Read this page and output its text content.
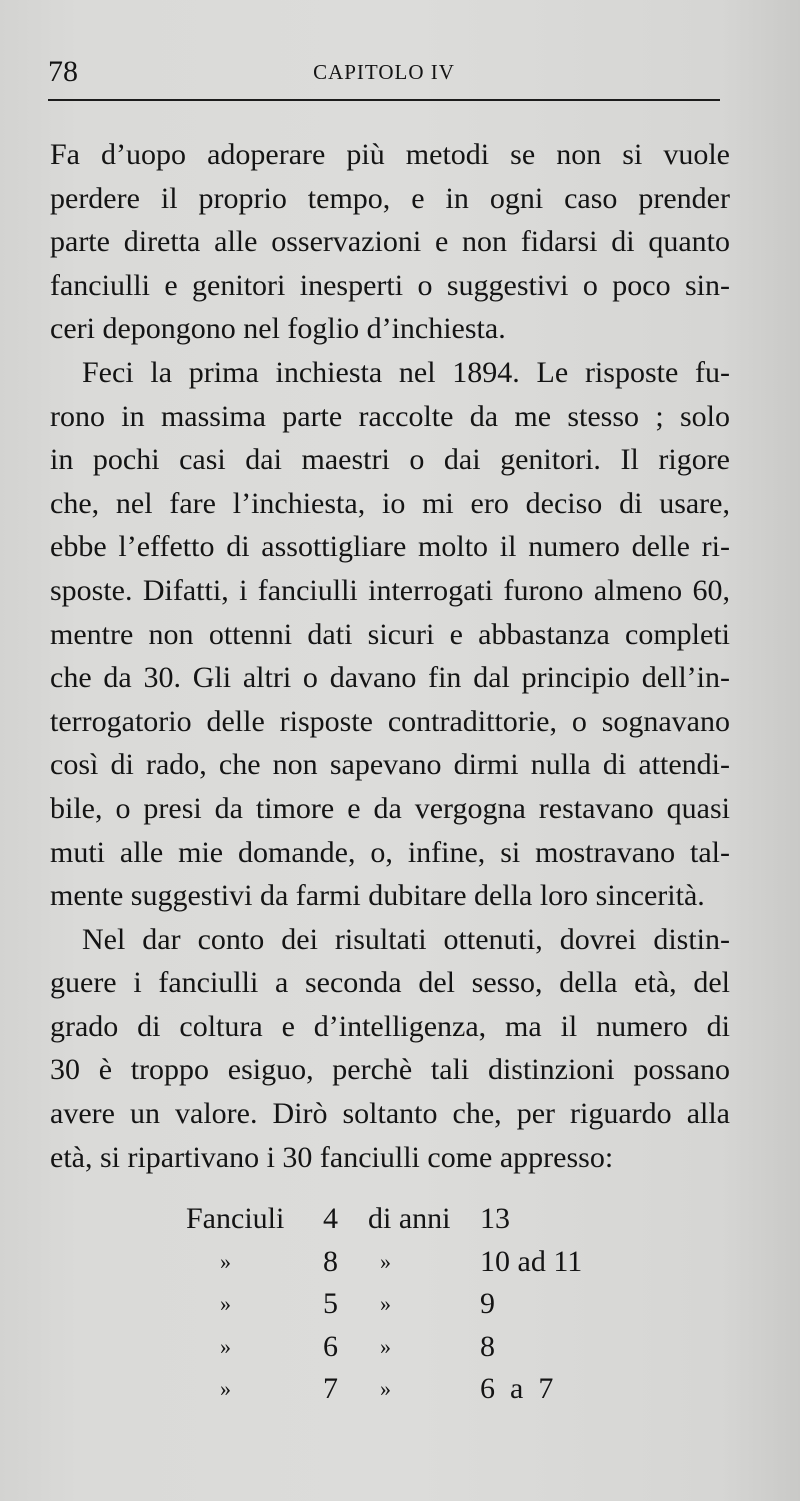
78	CAPITOLO IV
Fa d’uopo adoperare più metodi se non si vuole
perdere il proprio tempo, e in ogni caso prender
parte diretta alle osservazioni e non fidarsi di quanto
fanciulli e genitori inesperti o suggestivi o poco sin-
ceri depongono nel foglio d’inchiesta.
Feci la prima inchiesta nel 1894. Le risposte fu-
rono in massima parte raccolte da me stesso ; solo
in pochi casi dai maestri o dai genitori. Il rigore
che, nel fare l’inchiesta, io mi ero deciso di usare,
ebbe l’effetto di assottigliare molto il numero delle ri-
sposte. Difatti, i fanciulli interrogati furono almeno 60,
mentre non ottenni dati sicuri e abbastanza completi
che da 30. Gli altri o davano fin dal principio dell’in-
terrogatorio delle risposte contradittorie, o sognavano
così di rado, che non sapevano dirmi nulla di attendi-
bile, o presi da timore e da vergogna restavano quasi
muti alle mie domande, o, infine, si mostravano tal-
mente suggestivi da farmi dubitare della loro sincerità.
Nel dar conto dei risultati ottenuti, dovrei distin-
guere i fanciulli a seconda del sesso, della età, del
grado di coltura e d’intelligenza, ma il numero di
30 è troppo esiguo, perchè tali distinzioni possano
avere un valore. Dirò soltanto che, per riguardo alla
età, si ripartivano i 30 fanciulli come appresso:
Fanciuli 4 di anni 13
»	8 »	10 ad 11
»	5 »	9
»	6 »	8
»	7 »	6  a  7
